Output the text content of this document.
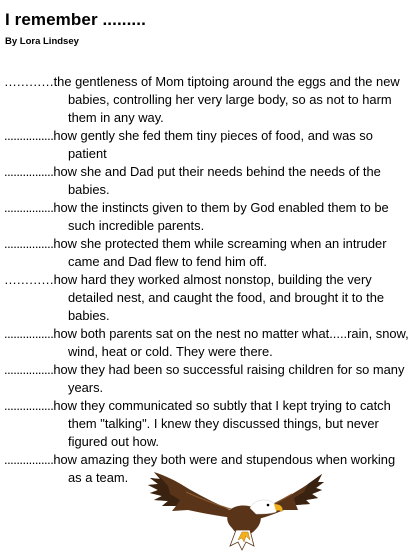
I remember .........
By Lora Lindsey
…………the gentleness of Mom tiptoing around the eggs and the new babies, controlling her very large body, so as not to harm them in any way.
................how gently she fed them tiny pieces of food, and was so patient
................how she and Dad put their needs behind the needs of the babies.
................how the instincts given to them by God enabled them to be such incredible parents.
................how she protected them while screaming when an intruder came and Dad flew to fend him off.
…………how hard they worked almost nonstop, building the very detailed nest, and caught the food, and brought it to the babies.
................how both parents sat on the nest no matter what.....rain, snow, wind, heat or cold. They were there.
................how they had been so successful raising children for so many years.
................how they communicated so subtly that I kept trying to catch them "talking". I knew they discussed things, but never figured out how.
................how amazing they both were and stupendous when working as a team.
